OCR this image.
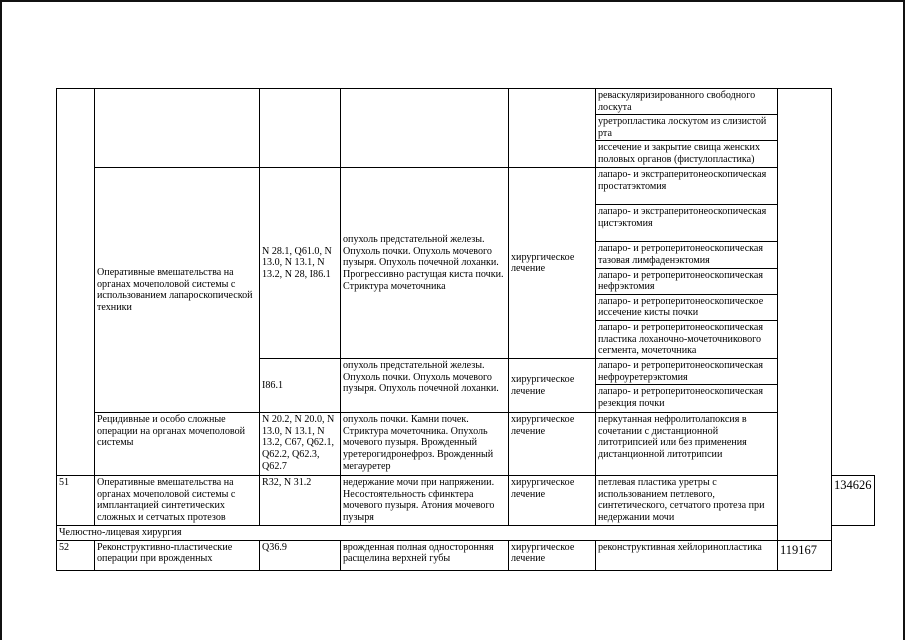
					реваскуляризированного свободного лоскута		
					уретропластика лоскутом из слизистой рта		
					иссечение и закрытие свища женских половых органов (фистулопластика)		
	Оперативные вмешательства на органах мочеполовой системы с использованием лапароскопической техники	N 28.1, Q61.0, N 13.0, N 13.1, N 13.2, N 28, I86.1	опухоль предстательной железы. Опухоль почки. Опухоль мочевого пузыря. Опухоль почечной лоханки. Прогрессивно растущая киста почки. Стриктура мочеточника	хирургическое лечение	лапаро- и экстраперитонеоскопическая простатэктомия		
					лапаро- и экстраперитонеоскопическая цистэктомия		
					лапаро- и ретроперитонеоскопическая тазовая лимфаденэктомия		
					лапаро- и ретроперитонеоскопическая нефрэктомия		
					лапаро- и ретроперитонеоскопическое иссечение кисты почки		
					лапаро- и ретроперитонеоскопическая пластика лоханочно-мочеточникового сегмента, мочеточника		
		I86.1	опухоль предстательной железы. Опухоль почки. Опухоль мочевого пузыря. Опухоль почечной лоханки.	хирургическое лечение	лапаро- и ретроперитонеоскопическая нефроуретерэктомия		
					лапаро- и ретроперитонеоскопическая резекция почки		
	Рецидивные и особо сложные операции на органах мочеполовой системы	N 20.2, N 20.0, N 13.0, N 13.1, N 13.2, C67, Q62.1, Q62.2, Q62.3, Q62.7	опухоль почки. Камни почек. Стриктура мочеточника. Опухоль мочевого пузыря. Врожденный уретерогидронефроз. Врожденный мегауретер	хирургическое лечение	перкутанная нефролитолапоксия в сочетании с дистанционной литотрипсией или без применения дистанционной литотрипсии		
51	Оперативные вмешательства на органах мочеполовой системы с имплантацией синтетических сложных и сетчатых протезов	R32, N 31.2	недержание мочи при напряжении. Несостоятельность сфинктера мочевого пузыря. Атония мочевого пузыря	хирургическое лечение	петлевая пластика уретры с использованием петлевого, синтетического, сетчатого протеза при недержании мочи		134626
Челюстно-лицевая хирургия							
52	Реконструктивно-пластические операции при врожденных	Q36.9	врожденная полная односторонняя расщелина верхней губы	хирургическое лечение	реконструктивная хейлоринопластика	119167	
